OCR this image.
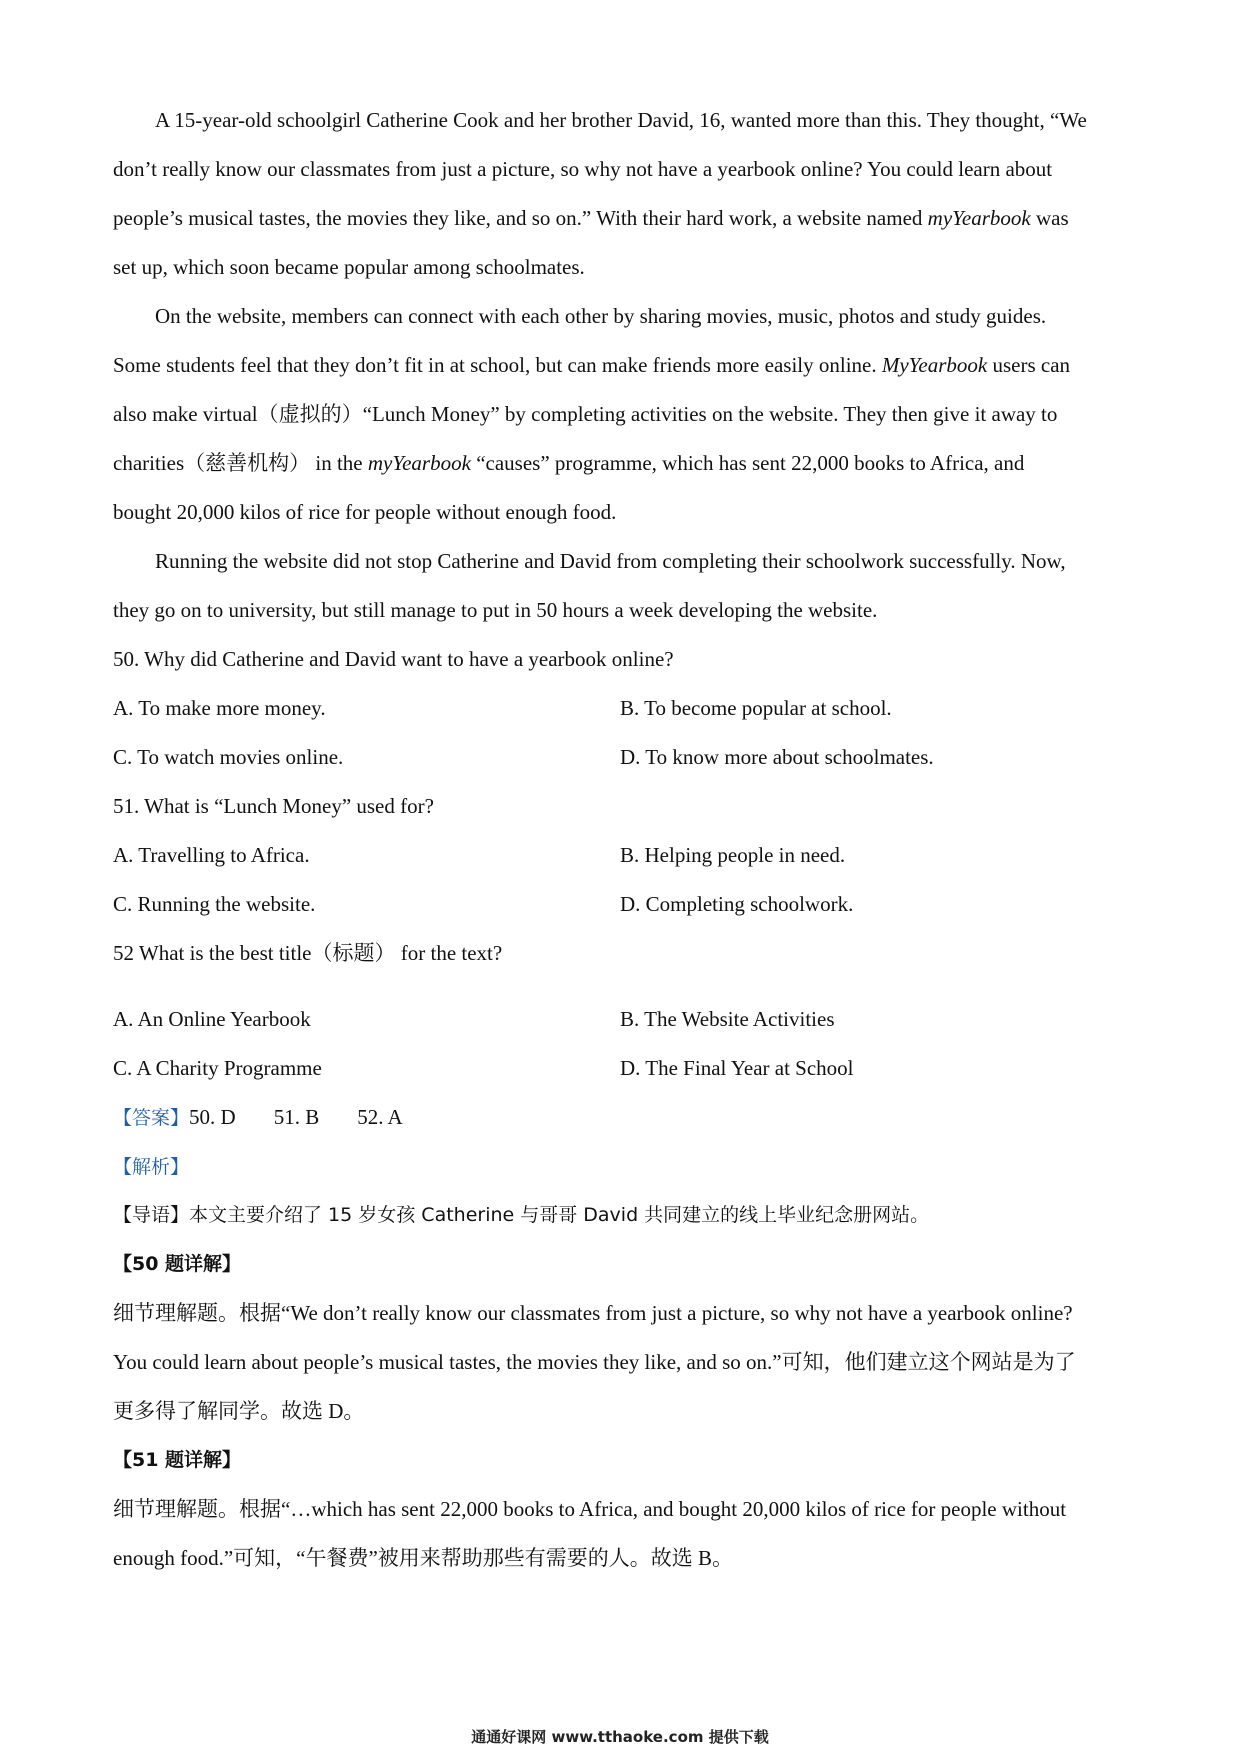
A 15-year-old schoolgirl Catherine Cook and her brother David, 16, wanted more than this. They thought, “We
don’t really know our classmates from just a picture, so why not have a yearbook online? You could learn about
people’s musical tastes, the movies they like, and so on.” With their hard work, a website named myYearbook was
set up, which soon became popular among schoolmates.
On the website, members can connect with each other by sharing movies, music, photos and study guides.
Some students feel that they don’t fit in at school, but can make friends more easily online. MyYearbook users can
also make virtual（虚拟的）“Lunch Money” by completing activities on the website. They then give it away to
charities（慈善机构） in the myYearbook “causes” programme, which has sent 22,000 books to Africa, and
bought 20,000 kilos of rice for people without enough food.
Running the website did not stop Catherine and David from completing their schoolwork successfully. Now,
they go on to university, but still manage to put in 50 hours a week developing the website.
50. Why did Catherine and David want to have a yearbook online?
A. To make more money.	B. To become popular at school.
C. To watch movies online.	D. To know more about schoolmates.
51. What is “Lunch Money” used for?
A. Travelling to Africa.	B. Helping people in need.
C. Running the website.	D. Completing schoolwork.
52 What is the best title（标题） for the text?
A. An Online Yearbook	B. The Website Activities
C. A Charity Programme	D. The Final Year at School
【答案】50. D 51. B 52. A
【解析】
【导语】本文主要介绍了 15 岁女孩 Catherine 与哥哥 David 共同建立的线上毕业纪念册网站。
【50 题详解】
细节理解题。根据“We don’t really know our classmates from just a picture, so why not have a yearbook online?
You could learn about people’s musical tastes, the movies they like, and so on.”可知，他们建立这个网站是为了
更多得了解同学。故选 D。
【51 题详解】
细节理解题。根据“…which has sent 22,000 books to Africa, and bought 20,000 kilos of rice for people without
enough food.”可知，“午餐费”被用来帮助那些有需要的人。故选 B。
通通好课网 www.tthaoke.com 提供下载
